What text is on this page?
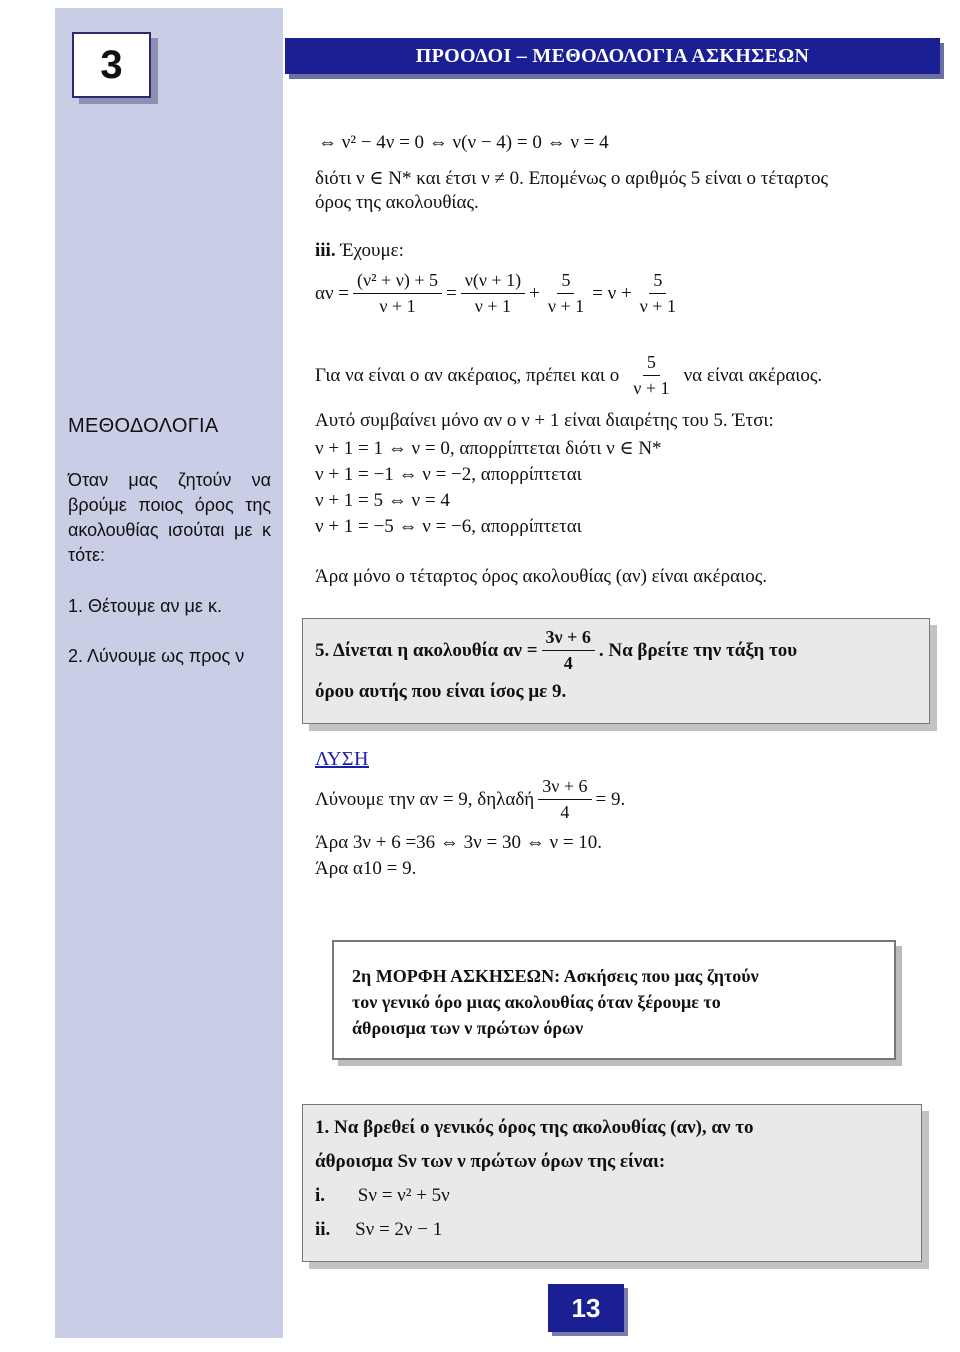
3	ΠΡΟΟΔΟΙ – ΜΕΘΟΔΟΛΟΓΙΑ ΑΣΚΗΣΕΩΝ
ΜΕΘΟΔΟΛΟΓΙΑ
Όταν μας ζητούν να βρούμε ποιος όρος της ακολουθίας ισούται με κ τότε:
1. Θέτουμε αν με κ.
2. Λύνουμε ως προς ν
⇔ ν² − 4ν = 0 ⇔ ν(ν − 4) = 0 ⇔ ν = 4
διότι ν ∈ N* και έτσι ν ≠ 0. Επομένως ο αριθμός 5 είναι ο τέταρτος
όρος της ακολουθίας.
iii. Έχουμε:
$\alpha\nu = \frac{\text{(ν² + ν) + 5}}{\nu + 1} = \frac{\nu(\nu + 1)}{\nu + 1} + \frac{5}{\nu + 1} = \nu + \frac{5}{\nu + 1}$
Για να είναι ο αν ακέραιος, πρέπει και ο $\frac{5}{\nu + 1}$ να είναι ακέραιος.
Αυτό συμβαίνει μόνο αν ο ν + 1 είναι διαιρέτης του 5. Έτσι:
ν + 1 = 1 ⇔ ν = 0, απορρίπτεται διότι ν ∈ N*
ν + 1 = −1 ⇔ ν = −2, απορρίπτεται
ν + 1 = 5 ⇔ ν = 4
ν + 1 = −5 ⇔ ν = −6, απορρίπτεται
Άρα μόνο ο τέταρτος όρος ακολουθίας (αν) είναι ακέραιος.
5. Δίνεται η ακολουθία $\alpha\nu = \frac{3\nu + 6}{4}$ . Να βρείτε την τάξη του
όρου αυτής που είναι ίσος με 9.
ΛΥΣΗ
Λύνουμε την αν = 9, δηλαδή $\frac{3\nu + 6}{4} = 9$.
Άρα 3ν + 6 =36 ⇔ 3ν = 30 ⇔ ν = 10.
Άρα α10 = 9.
2η ΜΟΡΦΗ ΑΣΚΗΣΕΩΝ: Ασκήσεις που μας ζητούν
τον γενικό όρο μιας ακολουθίας όταν ξέρουμε το
άθροισμα των ν πρώτων όρων
1. Να βρεθεί ο γενικός όρος της ακολουθίας (αν), αν το
άθροισμα Sν των ν πρώτων όρων της είναι:
i. Sν = ν² + 5ν
ii. Sν = 2ν − 1
13
